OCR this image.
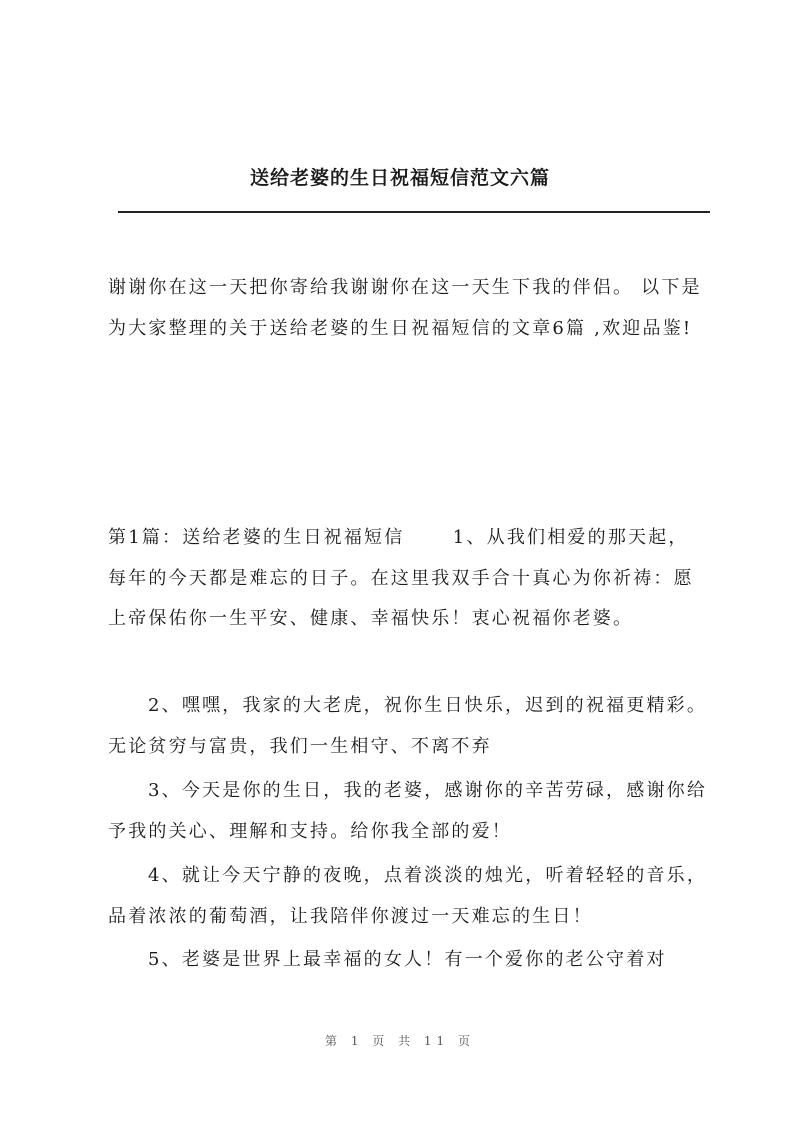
送给老婆的生日祝福短信范文六篇

谢谢你在这一天把你寄给我谢谢你在这一天生下我的伴侣。 以下是为大家整理的关于送给老婆的生日祝福短信的文章6篇 ,欢迎品鉴!

第1篇：送给老婆的生日祝福短信 　　1、从我们相爱的那天起，每年的今天都是难忘的日子。在这里我双手合十真心为你祈祷：愿上帝保佑你一生平安、健康、幸福快乐！衷心祝福你老婆。

2、嘿嘿，我家的大老虎，祝你生日快乐，迟到的祝福更精彩。无论贫穷与富贵，我们一生相守、不离不弃

3、今天是你的生日，我的老婆，感谢你的辛苦劳碌，感谢你给予我的关心、理解和支持。给你我全部的爱！

4、就让今天宁静的夜晚，点着淡淡的烛光，听着轻轻的音乐，品着浓浓的葡萄酒，让我陪伴你渡过一天难忘的生日！

5、老婆是世界上最幸福的女人！有一个爱你的老公守着对

第 1 页 共 11 页
